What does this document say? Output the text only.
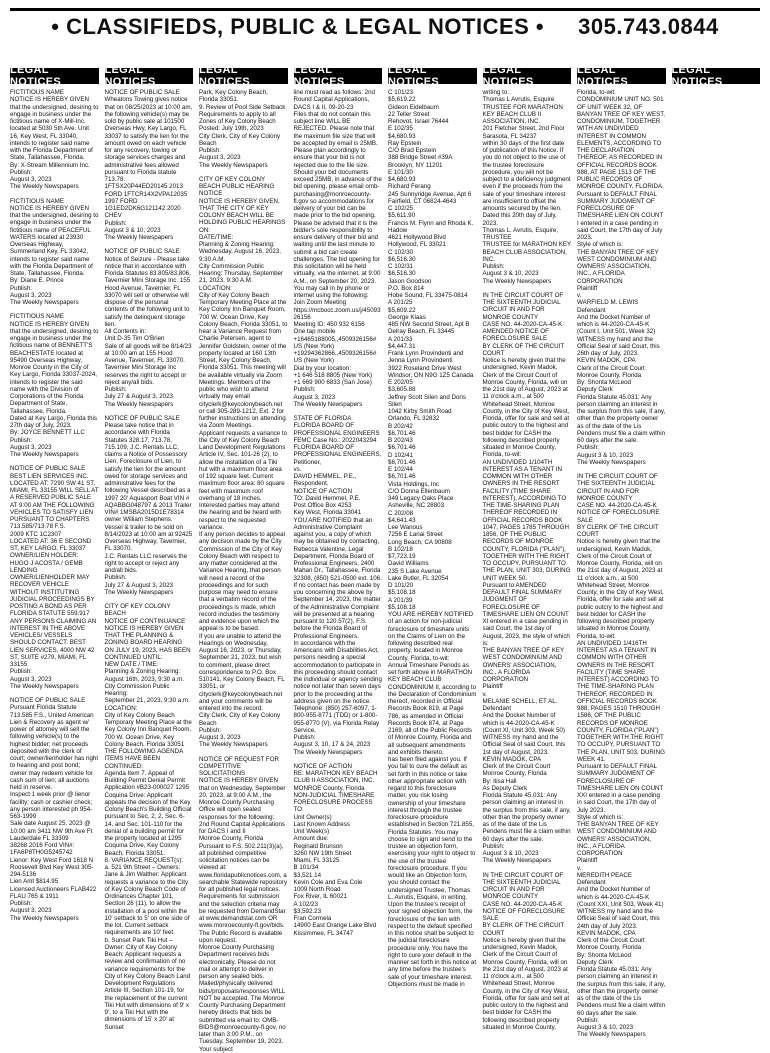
• CLASSIFIEDS, PUBLIC & LEGAL NOTICES • 305.743.0844
LEGAL NOTICES
LEGAL NOTICES
LEGAL NOTICES
LEGAL NOTICES
LEGAL NOTICES
LEGAL NOTICES
LEGAL NOTICES
LEGAL NOTICES
FICTITIOUS NAME
NOTICE IS HEREBY GIVEN that the undersigned, desiring to engage in business under the fictitious name of X-Mill-Inc. located at 5030 5th Ave. Unit 16, Key West, FL 33040, intends to register said name with the Florida Department of State, Tallahassee, Florida.
By: X-Stream Millennium Inc.
Publish:
August 3, 2023
The Weekly Newspapers
FICTITIOUS NAME
NOTICE IS HEREBY GIVEN that the undersigned, desiring to engage in business under the fictitious name of PEACEFUL WATERS located at 23930 Overseas Highway, Summerland Key, FL 33042, intends to register said name with the Florida Department of State, Tallahassee, Florida.
By: Diane E. Prince
Publish:
August 3, 2023
The Weekly Newspapers
FICTITIOUS NAME
NOTICE IS HEREBY GIVEN that the undersigned, desiring to engage in business under the fictitious name of BENNETT'S BEACHESTATE located at 95490 Overseas Highway, Monroe County in the City of Key Largo, Florida 33037-2024, intends to register the said name with the Division of Corporations of the Florida Department of State, Tallahassee, Florida.
Dated at Key Largo, Florida this 27th day of July, 2023.
By: JOYCE BENNETT LLC
Publish:
August 3, 2023
The Weekly Newspapers
NOTICE OF PUBLIC SALE
BEST LIEN SERVICES INC. LOCATED AT: 7290 SW 41 ST, MIAMI, FL 33155 WILL SELL AT A RESERVED PUBLIC SALE AT 9:00 AM THE FOLLOWING VEHICLES TO SATISFY LIEN PURSUANT TO CHAPTERS 713.585/713.78 F.S.
2009 KTC 1C2307
LOCATED AT: 36 E SECOND ST, KEY LARGO, FL 33037
OWNER/LIEN HOLDER: HUGO J ACOSTA / GEMB LENDING
OWNER/LIENHOLDER MAY RECOVER VEHICLE WITHOUT INSTITUTING JUDICIAL PROCEEDINGS BY POSTING A BOND AS PER FLORIDA STATUTE 559.917
ANY PERSONS CLAIMING AN INTEREST IN THE ABOVE VEHICLES/ VESSELS SHOULD CONTACT: BEST LIEN SERVICES, 4000 NW 42 ST, SUITE #279, MIAMI, FL 33155
Publish:
August 3, 2023
The Weekly Newspapers
NOTICE OF PUBLIC SALE
Pursuant Florida Statute 713.585 F.S., United American Lien & Recovery as agent w/ power of attorney will sell the following vehicle(s) to the highest bidder; net proceeds deposited with the clerk of court; owner/lienholder has right to hearing and post bond; owner may redeem vehicle for cash sum of lien; all auctions held in reserve.
Inspect 1 week prior @ lienor facility; cash or cashier check; any person interested ph 954-563-1999
Sale date August 25, 2023 @ 10:00 am 3411 NW 9th Ave Ft Lauderdale FL 33309
38268 2016 Ford VIN#: 1FA6P8TH0G5245742
Lienor: Key West Ford 1618 N Roosevelt Blvd Key West 305-294-5136
Lien Amt $814.95
Licensed Auctioneers FLAB422 FLAU 765 & 1911
Publish:
August 3, 2023
The Weekly Newspapers
NOTICE OF PUBLIC SALE
Wheatons Towing gives notice that on 08/25/2023 at 10:00 am, the following vehicle(s) may be sold by public sale at 101500 Overseas Hwy, Key Largo, FL 33037 to satisfy the lien for the amount owed on each vehicle for any recovery, towing or storage services charges and administrative fees allowed pursuant to Florida statute 713.78.
1FTSX20P44ED20145 2013 FORD 1FTCR14X2VPA12035 1997 FORD 1G1ED2DK6G121142 2020 CHEV
Publish:
August 3 & 10, 2023
The Weekly Newspapers
NOTICE OF PUBLIC SALE
Notice of Seizure - Please take notice that in accordance with Florida Statutes 83.805/83.806, Tavernier Mini Storage Inc. 155 Hood Avenue, Tavernier, FL 33070 will sell or otherwise will dispose of the personal contents of the following unit to satisfy the delinquent storage lien.
All Contents in:
Unit D-35 Tim O'Brien
Sale of all goods will be 8/14/23 at 10:00 am at 155 Hood Avenue, Tavernier, FL 33070.
Tavernier Mini Storage Inc reserves the right to accept or reject any/all bids.
Publish:
July 27 & August 3, 2023
The Weekly Newspapers
NOTICE OF PUBLIC SALE
Please take notice that in accordance with Florida Statutes 328.17, 713.78, 715.109, J.C. Rentals LLC, claims a Notice of Possessory Lien, Foreclosure of Lien, to satisfy the lien for the amount owed for storage services and administrative fees for the following Vessel described as a 1997 20' Aquasport Boat VIN # AQABBG048797 & 2013 Trailer VIN# 1MSBA2015D1E78314
owner William Stephens.
Vessel & trailer to be sold on 8/14/2023 at 10:00 am at 92425 Overseas Highway, Tavernier, FL 33070.
J.C. Rentals LLC reserves the right to accept or reject any and/all bids.
Publish:
July 27 & August 3, 2023
The Weekly Newspapers
CITY OF KEY COLONY BEACH
NOTICE OF CONTINUANCE
NOTICE IS HEREBY GIVEN THAT THE PLANNING & ZONING BOARD HEARING ON JULY 19, 2023, HAS BEEN CONTINUED UNTIL:
NEW DATE / TIME:
Planning & Zoning Hearing:
August 16th, 2023, 9:30 a.m.
City Commission Public Hearing:
September 21, 2023, 9:30 a.m.
LOCATION:
City of Key Colony Beach Temporary Meeting Place at the Key Colony Inn Banquet Room, 700 W. Ocean Drive, Key Colony Beach, Florida 33051
THE FOLLOWING AGENDA ITEMS HAVE BEEN CONTINUED:
Agenda Item 7. Appeal of Building Permit Denial Permit Application #B23-000027 1295 Coquina Drive: Applicant appeals the decision of the Key Colony Beach's Building Official pursuant to Sec. 2, 2, Sec. 6-14, and Sec. 101-110 for the denial of a building permit for the property located at 1295 Coquina Drive, Key Colony Beach, Florida 33051.
8. VARIANCE REQUEST(s):
a. 521 9th Street – Owners: Jane & Jim Walther: Applicant requests a variance to the City of Key Colony Beach Code of Ordinances Chapter 101, Section 26 (11), to allow the installation of a pool within the 10' setback to 5' on one side of the lot. Current setback requirements are 10' feet.
b. Sunset Park Tiki Hut – Owner: City of Key Colony Beach: Applicant requests a review and confirmation of no variance requirements for the City of Key Colony Beach Land Development Regulations Article III, Section 101-19, for the replacement of the current Tiki Hut with dimensions of 9' x 9', to a Tiki Hut with the dimensions of 15' x 20' at Sunset
Park, Key Colony Beach, Florida 33051.
9. Review of Pool Side Setback Requirements to apply to all Zones of Key Colony Beach
Posted: July 19th, 2023
City Clerk, City of Key Colony Beach
Publish:
August 3, 2023
The Weekly Newspapers
CITY OF KEY COLONY BEACH PUBLIC HEARING NOTICE
NOTICE IS HEREBY GIVEN, THAT THE CITY OF KEY COLONY BEACH WILL BE HOLDING PUBLIC HEARINGS ON:
DATE/TIME:
Planning & Zoning Hearing: Wednesday, August 16, 2023, 9:30 A.M.
City Commission Public Hearing: Thursday, September 21, 2023, 9:30 A.M.
LOCATION:
City of Key Colony Beach Temporary Meeting Place at the Key Colony Inn Banquet Room, 700 W. Ocean Drive, Key Colony Beach, Florida 33051, to hear a Variance Request from Charlie Petersen, agent to Jennifer Goldstein, owner of the property located at 160 13th Street, Key Colony Beach, Florida 33051. This meeting will be available virtually via Zoom Meetings. Members of the public who wish to attend virtually may email cityclerk@keycolonybeach.net or call 305-289-1212, Ext. 2 for further instructions on attending via Zoom Meetings.
Applicant requests a variance to the City of Key Colony Beach Land Development Regulations Article IV, Sec. 101-26 (2), to allow the installation of a Tiki hut with a maximum floor area of 192 square feet. Current maximum floor area: 80 square feet with maximum roof overhang of 18 inches.
Interested parties may attend the hearing and be heard with respect to the requested variance.
If any person decides to appeal any decision made by the City Commission of the City of Key Colony Beach with respect to any matter considered at the Variance Hearing, that person will need a record of the proceedings and for such purpose may need to ensure that a verbatim record of the proceedings is made, which record includes the testimony and evidence upon which the appeal is to be based.
If you are unable to attend the Hearings on Wednesday, August 16, 2023, or Thursday, September 21, 2023, but wish to comment, please direct correspondence to P.O. Box 510141, Key Colony Beach, FL 33051, or cityclerk@keycolonybeach.net and your comments will be entered into the record.
City Clerk, City of Key Colony Beach
Publish:
August 3, 2023
The Weekly Newspapers
NOTICE OF REQUEST FOR COMPETITIVE SOLICITATIONS
NOTICE IS HEREBY GIVEN that on Wednesday, September 20, 2023, at 9:00 A.M., the Monroe County Purchasing Office will open sealed responses for the following:
2nd Round Capital Applications for DACS I and II
Monroe County, Florida
Pursuant to F.S. 502.211(3)(a), all published competitive solicitation notices can be viewed at: www.floridapublicnotices.com, a searchable Statewide repository for all published legal notices. Requirements for submission and the selection criteria may be requested from DemandStar at www.demandstar.com OR www.monroecounty-fl.gov/bids. The Public Record is available upon request.
Monroe County Purchasing Department receives bids electronically. Please do not mail or attempt to deliver in person any sealed bids. Mailed/physically delivered bids/proposals/responses WILL NOT be accepted. The Monroe County Purchasing Department hereby directs that bids be submitted via email to: OMB-BIDS@monroecounty-fl.gov, no later than 3:00 P.M., on Tuesday, September 19, 2023. Your subject
line must read as follows: 2nd Round Capital Applications, DACS I & II, 09-20-23
Files that do not contain this subject line WILL BE REJECTED. Please note that the maximum file size that will be accepted by email is 25MB. Please plan accordingly to ensure that your bid is not rejected due to the file size. Should your bid documents exceed 25MB, in advance of the bid opening, please email omb-purchasing@monroecounty-fl.gov so accommodations for delivery of your bid can be made prior to the bid opening. Please be advised that it is the bidder's sole responsibility to ensure delivery of their bid and waiting until the last minute to submit a bid can create challenges. The bid opening for this solicitation will be held virtually, via the internet, at 9:00 A.M., on September 20, 2023. You may call in by phone or internet using the following:
Join Zoom Meeting
https://mcbocc.zoom.us/j/4509326156
Meeting ID: 450 932 6156
One tap mobile
+16465188005,,4509326156# US (New York)
+19294362866,,4509326156# US (New York)
Dial by your location:
+1 646 518 8805 (New York)
+1 669 900 6833 (San Jose)
Publish:
August 3, 2023
The Weekly Newspapers
STATE OF FLORIDA
FLORIDA BOARD OF PROFESSIONAL ENGINEERS
FEMC Case No.: 2022043294
FLORIDA BOARD OF PROFESSIONAL ENGINEERS, Petitioner,
vs.
DAVID HEMMEL, P.E., Respondent.
NOTICE OF ACTION
TO: David Hemmel, P.E.
Post Office Box 4253
Key West, Florida 33041
YOU ARE NOTIFIED that an Administrative Complaint against you, a copy of which may be obtained by contacting, Rebecca Valentine, Legal Department, Florida Board of Professional Engineers, 2400 Mahan Dr., Tallahassee, Florida 32308, (850) 521-0500 ext. 106.
If no contact has been made by you concerning the above by September 14, 2023, the matter of the Administrative Complaint will be presented at a hearing pursuant to 120.57(2), F.S. before the Florida Board of Professional Engineers.
In accordance with the Americans with Disabilities Act, persons needing a special accommodation to participate in this proceeding should contact the individual or agency sending notice not later than seven days prior to the proceeding at the address given on the notice. Telephone: (850) 257-6097, 1-800-955-8771 (TDD) or 1-800-955-8770 (V), via Florida Relay Service.
Publish:
August 3, 10, 17 & 24, 2023
The Weekly Newspapers
NOTICE OF ACTION
RE: MARATHON KEY BEACH CLUB II ASSOCIATION, INC. MONROE County, Florida NON-JUDICIAL TIMESHARE FORECLOSURE PROCESS
TO:
Unit Owner(s)
Last Known Address
Unit Week(s)
Amount due:
Reginald Brunson
3260 NW 19th Street
Miami, FL 33125
B 101/34
$3,521.14
Kevin Cole and Eva Cole
1009 North Road
Fox River, IL 60021
A 102/23
$3,592.23
Fran Cormela
14900 East Orange Lake Blvd
Kissimmee, FL 34747
C 101/23
$5,619.22
Gideon Eidelbaum
22 Teller Street
Rehovot, Israel 76444
E 102/35
$4,680.93
Ray Epstein
C/O Brad Epstein
388 Bridge Street #39A
Brooklyn, NY 11201
E 101/30
$4,680.93
Richard Ferang
245 Sunnyridge Avenue, Apt 6 Fairfield, CT 06824-4643
C 102/25
$5,611.90
Francis M. Flynn and Rhoda K. Hadow
4621 Hollywood Blvd
Hollywood, FL 33021
C 102/30
$6,516.30
C 102/31
$6,516.30
Jason Goodson
P.O. Box 814
Hobe Sound, FL 33475-0814
A 201/25
$5,609.22
George Klaas
485 NW Second Street, Apt B
Delray Beach, FL 33445
A 201/33
$4,447.31
Frank Lynn Provindenti and Jenna Lynn Provindenti
3922 Roseland Drive West
Windsor, ON N9G 1Z5 Canada
E 202/05
$3,605.88
Jeffrey Scott Silen and Doris Silen
1042 Kirby Smith Road
Orlando, FL 32832
B 202/42
$6,701.46
B 202/43
$6,701.46
D 102/41
$6,701.46
E 102/44
$6,701.46
Vista Holdings, Inc
C/O Donna Ellenbaum
349 Legacy Oaks Place
Asheville, NC 28803
C 202/08
$4,641.43
Lee Wanous
7256 E Lanai Street
Long Beach, CA 90808
B 102/18
$7,723.19
David Williams
235 S Lake Avenue
Lake Butler, FL 32054
D 101/20
$5,108.18
A 201/39
$5,108.18
YOU ARE HEREBY NOTIFIED of an action for non-judicial foreclosure of timeshare units on the Claims of Lien on the following described real property, located in Monroe County, Florida, to-wit:
Annual Timeshare Periods as set forth above in MARATHON KEY BEACH CLUB CONDOMINIUM II, according to the Declaration of Condominium thereof, recorded in Official Records Book 819, at Page 786, as amended in Official Records Book 874, at Page 2169, all of the Public Records of Monroe County, Florida and all subsequent amendments and exhibits thereto,
has been filed against you. If you fail to cure the default as set forth in this notice or take other appropriate action with regard to this foreclosure matter, you risk losing ownership of your timeshare interest through the trustee foreclosure procedure established in Section 721.855, Florida Statutes. You may choose to sign and send to the trustee an objection form, exercising your right to object to the use of the trustee foreclosure procedure. If you would like an Objection form, you should contact the undersigned Trustee, Thomas L. Avrutis, Esquire, in writing. Upon the trustee's receipt of your signed objection form, the foreclosure of the lien with respect to the default specified in this notice shall be subject to the judicial foreclosure procedure only. You have the right to cure your default in the manner set forth in this notice at any time before the trustee's sale of your timeshare interest. Objections must be made in
writing to:
Thomas L Avrutis, Esquire
TRUSTEE FOR MARATHON KEY BEACH CLUB II ASSOCIATION, INC.
201 Fletcher Street, 2nd Floor
Sarasota, FL 34237
within 30 days of the first date of publication of this Notice. If you do not object to the use of the trustee foreclosure procedure, you will not be subject to a deficiency judgment even if the proceeds from the sale of your timeshare interest are insufficient to offset the amounts secured by the lien.
Dated this 20th day of July, 2023.
Thomas L. Avrutis, Esquire, TRUSTEE
TRUSTEE for MARATHON KEY BEACH CLUB ASSOCIATION, INC.
Publish:
August 3 & 10, 2023
The Weekly Newspapers
IN THE CIRCUIT COURT OF THE SIXTEENTH JUDICIAL CIRCUIT IN AND FOR MONROE COUNTY
CASE NO. 44-2020-CA-45-K
AMENDED NOTICE OF FORECLOSURE SALE
BY CLERK OF THE CIRCUIT COURT
Notice is hereby given that the undersigned, Kevin Madok, Clerk of the Circuit Court of Monroe County, Florida, will on the 21st day of August, 2023 at 11 o'clock a.m., at 500 Whitehead Street, Monroe County, in the City of Key West, Florida, offer for sale and sell at public outcry to the highest and best bidder for CASH the following described property situated in Monroe County, Florida, to-wit:
AN UNDIVIDED 1/104TH INTEREST AS A TENANT IN COMMON WITH OTHER OWNERS IN THE RESORT FACILITY (TIME SHARE INTEREST), ACCORDING TO THE TIME-SHARING PLAN THEREOF RECORDED IN OFFICIAL RECORDS BOOK 1047, PAGES 1785 THROUGH 1856, OF THE PUBLIC RECORDS OF MONROE COUNTY, FLORIDA ("PLAN"), TOGETHER WITH THE RIGHT TO OCCUPY, PURSUANT TO THE PLAN, UNIT 303, DURING UNIT WEEK 50.
Pursuant to AMENDED DEFAULT FINAL SUMMARY JUDGMENT OF FORECLOSURE OF TIMESHARE LIEN ON COUNT XI entered in a case pending in said Court, the 1st day of August, 2023, the style of which is:
THE BANYAN TREE OF KEY WEST CONDOMINIUM AND OWNERS' ASSOCIATION, INC., A FLORIDA CORPORATION
Plaintiff
v.
MELANIE SCHELL, ET AL.
Defendant
And the Docket Number of which is 44-2020-CA-45-K (Count XI, Unit 303, Week 50)
WITNESS my hand and the Official Seal of said Court, this 1st day of August, 2023.
KEVIN MADOK, CPA
Clerk of the Circuit Court
Monroe County, Florida
By: Ilisa Hall
As Deputy Clerk
Florida Statute 45.031: Any person claiming an interest in the surplus from this sale, if any, other than the property owner as of the date of the Lis Pendens must file a claim within 60 days after the sale.
Publish:
August 3 & 10, 2023
The Weekly Newspapers
IN THE CIRCUIT COURT OF THE SIXTEENTH JUDICIAL CIRCUIT IN AND FOR MONROE COUNTY
CASE NO. 44-2020-CA-45-K
NOTICE OF FORECLOSURE SALE
BY CLERK OF THE CIRCUIT COURT
Notice is hereby given that the undersigned, Kevin Madok, Clerk of the Circuit Court of Monroe County, Florida, will on the 21st day of August, 2023 at 11 o'clock a.m., at 500 Whitehead Street, Monroe County, in the City of Key West, Florida, offer for sale and sell at public outcry to the highest and best bidder for CASH the following described property situated in Monroe County,
Florida, to-wit:
CONDOMINIUM UNIT NO. 501 OF UNIT WEEK 32, OF BANYAN TREE OF KEY WEST, CONDOMINIUM, TOGETHER WITH AN UNDIVIDED INTEREST IN COMMON ELEMENTS, ACCORDING TO THE DECLARATION THEREOF, AS RECORDED IN OFFICIAL RECORDS BOOK 988, AT PAGE 1513 OF THE PUBLIC RECORDS OF MONROE COUNTY, FLORIDA.
Pursuant to DEFAULT FINAL SUMMARY JUDGMENT OF FORECLOSURE OF TIMESHARE LIEN ON COUNT I entered in a case pending in said Court, the 17th day of July 2023.
Style of which is:
THE BANYAN TREE OF KEY WEST CONDOMINIUM AND OWNERS' ASSOCIATION, INC., A FLORIDA CORPORATION
Plaintiff
v.
WARFIELD M. LEWIS
Defendant
And the Docket Number of which is 44-2020-CA-45-K (Count I, Unit 501, Week 32)
WITNESS my hand and the Official Seal of said Court, this 26th day of July, 2023.
KEVIN MADOK, CPA
Clerk of the Circuit Court
Monroe County, Florida
By: Shonta McLeod
Deputy Clerk
Florida Statute 45.031: Any person claiming an interest in the surplus from this sale, if any, other than the property owner as of the date of the Lis Pendens must file a claim within 60 days after the sale.
Publish:
August 3 & 10, 2023
The Weekly Newspapers
IN THE CIRCUIT COURT OF THE SIXTEENTH JUDICIAL CIRCUIT IN AND FOR MONROE COUNTY
CASE NO. 44-2020-CA-45-K
NOTICE OF FORECLOSURE SALE
BY CLERK OF THE CIRCUIT COURT
Notice is hereby given that the undersigned, Kevin Madok, Clerk of the Circuit Court of Monroe County, Florida, will on the 21st day of August, 2023 at 11 o'clock a.m., at 500 Whitehead Street, Monroe County, in the City of Key West, Florida, offer for sale and sell at public outcry to the highest and best bidder for CASH the following described property situated in Monroe County, Florida, to-wit:
AN UNDIVIDED 1/416TH INTEREST AS A TENANT IN COMMON WITH OTHER OWNERS IN THE RESORT FACILITY (TIME SHARE INTEREST) ACCORDING TO THE TIME-SHARING PLAN THEREOF, RECORDED IN OFFICIAL RECORDS BOOK 988, PAGES 1510 THROUGH 1586, OF THE PUBLIC RECORDS OF MONROE COUNTY, FLORIDA ("PLAN") TOGETHER WITH THE RIGHT TO OCCUPY, PURSUANT TO THE PLAN, UNIT 503, DURING WEEK 41.
Pursuant to DEFAULT FINAL SUMMARY JUDGMENT OF FORECLOSURE OF TIMESHARE LIEN ON COUNT XXI entered in a case pending in said Court, the 17th day of July 2023.
Style of which is:
THE BANYAN TREE OF KEY WEST CONDOMINIUM AND OWNERS' ASSOCIATION, INC., A FLORIDA CORPORATION
Plaintiff
v.
MEREDITH PEACE
Defendant
And the Docket Number of which is 44-2020-CA-45-K (Count XXI, Unit 503, Week 41)
WITNESS my hand and the Official Seal of said Court, this 24th day of July 2023.
KEVIN MADOK, CPA
Clerk of the Circuit Court
Monroe County, Florida
By: Shonta McLeod
Deputy Clerk
Florida Statute 45.031: Any person claiming an interest in the surplus from this sale, if any, other than the property owner as of the date of the Lis Pendens must file a claim within 60 days after the sale.
Publish:
August 3 & 10, 2023
The Weekly Newspapers
